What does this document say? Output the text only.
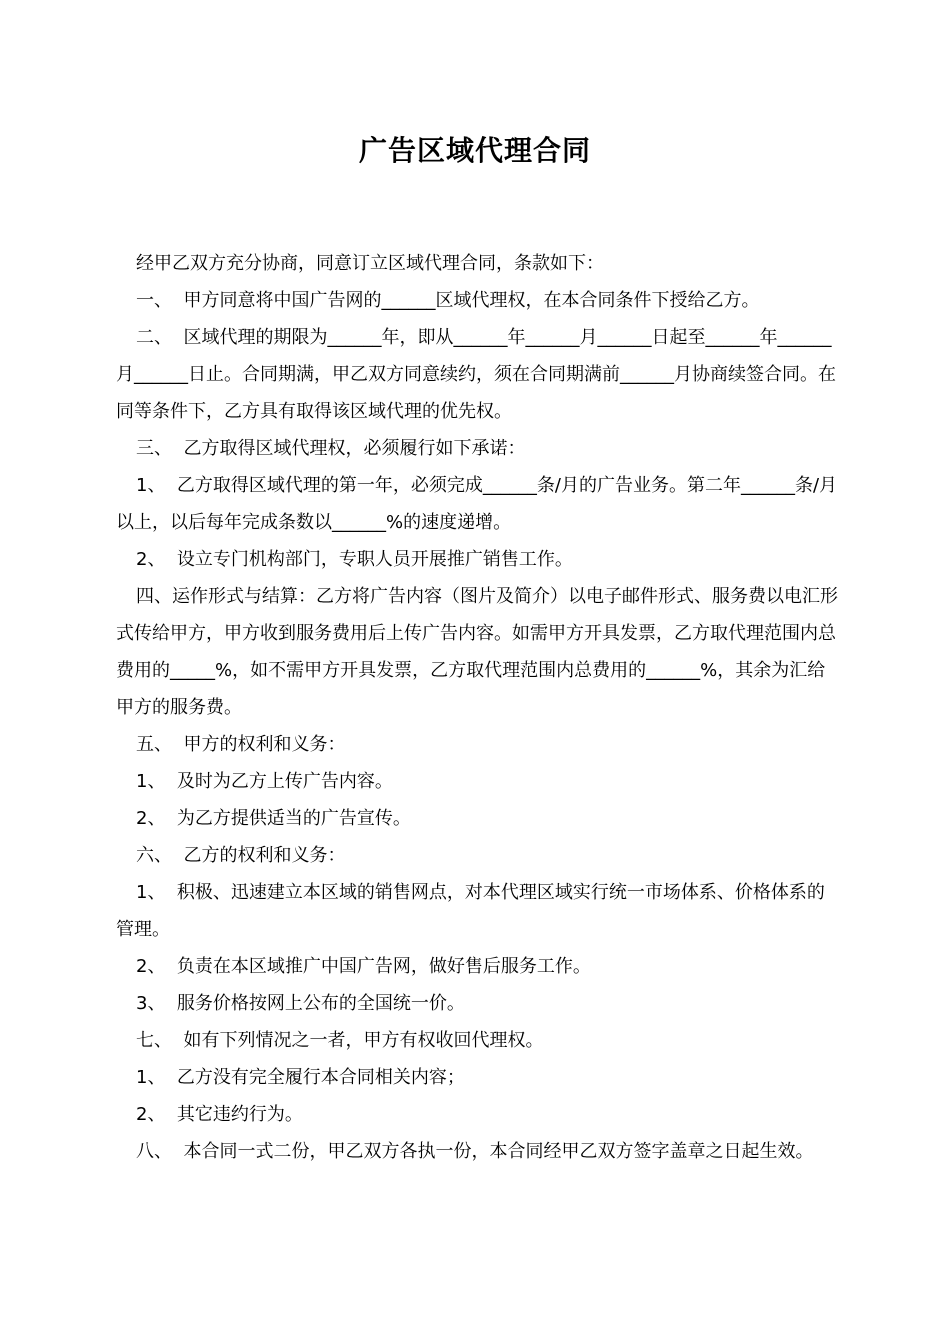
广告区域代理合同

经甲乙双方充分协商，同意订立区域代理合同，条款如下：

一、  甲方同意将中国广告网的______区域代理权，在本合同条件下授给乙方。

二、  区域代理的期限为______年，即从______年______月______日起至______年______月______日止。合同期满，甲乙双方同意续约，须在合同期满前______月协商续签合同。在同等条件下，乙方具有取得该区域代理的优先权。

三、  乙方取得区域代理权，必须履行如下承诺：

1、  乙方取得区域代理的第一年，必须完成______条/月的广告业务。第二年______条/月以上，以后每年完成条数以______%的速度递增。

2、  设立专门机构部门，专职人员开展推广销售工作。

四、运作形式与结算：乙方将广告内容（图片及简介）以电子邮件形式、服务费以电汇形式传给甲方，甲方收到服务费用后上传广告内容。如需甲方开具发票，乙方取代理范围内总费用的_____%，如不需甲方开具发票，乙方取代理范围内总费用的______%，其余为汇给甲方的服务费。

五、  甲方的权利和义务：

1、  及时为乙方上传广告内容。

2、  为乙方提供适当的广告宣传。

六、  乙方的权利和义务：

1、  积极、迅速建立本区域的销售网点，对本代理区域实行统一市场体系、价格体系的管理。

2、  负责在本区域推广中国广告网，做好售后服务工作。

3、  服务价格按网上公布的全国统一价。

七、  如有下列情况之一者，甲方有权收回代理权。

1、  乙方没有完全履行本合同相关内容；

2、  其它违约行为。

八、  本合同一式二份，甲乙双方各执一份，本合同经甲乙双方签字盖章之日起生效。
